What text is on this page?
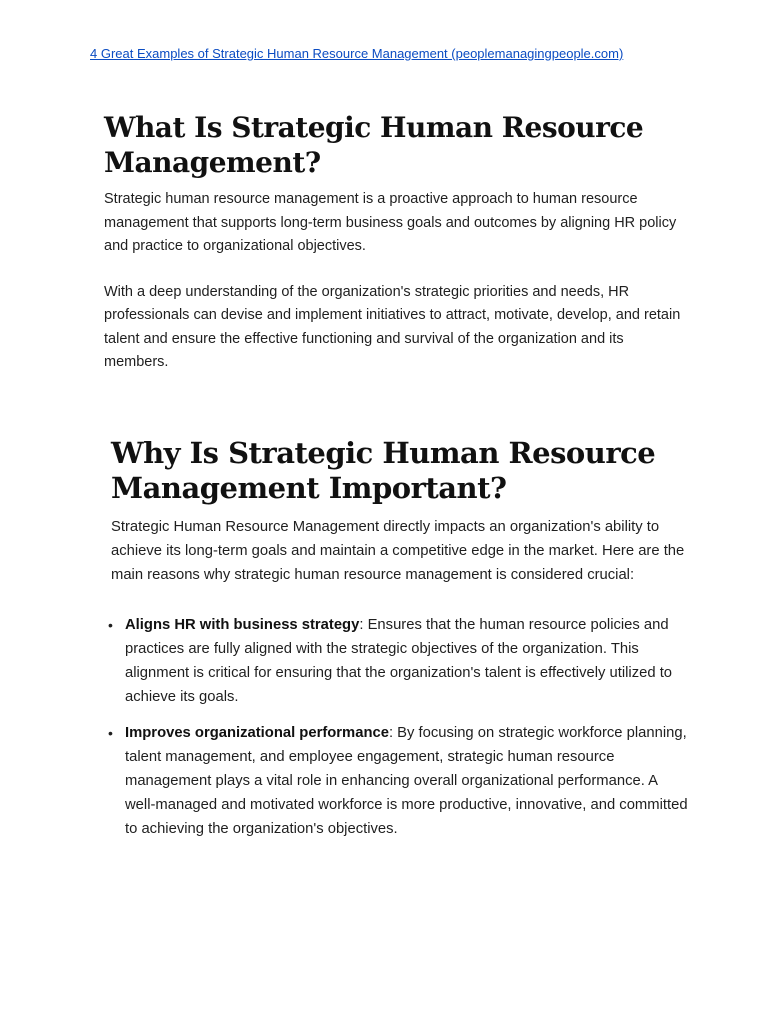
4 Great Examples of Strategic Human Resource Management (peoplemanagingpeople.com)
What Is Strategic Human Resource Management?

Strategic human resource management is a proactive approach to human resource management that supports long-term business goals and outcomes by aligning HR policy and practice to organizational objectives.

With a deep understanding of the organization's strategic priorities and needs, HR professionals can devise and implement initiatives to attract, motivate, develop, and retain talent and ensure the effective functioning and survival of the organization and its members.

Why Is Strategic Human Resource Management Important?

Strategic Human Resource Management directly impacts an organization's ability to achieve its long-term goals and maintain a competitive edge in the market. Here are the main reasons why strategic human resource management is considered crucial:

• Aligns HR with business strategy: Ensures that the human resource policies and practices are fully aligned with the strategic objectives of the organization. This alignment is critical for ensuring that the organization's talent is effectively utilized to achieve its goals.
• Improves organizational performance: By focusing on strategic workforce planning, talent management, and employee engagement, strategic human resource management plays a vital role in enhancing overall organizational performance. A well-managed and motivated workforce is more productive, innovative, and committed to achieving the organization's objectives.
